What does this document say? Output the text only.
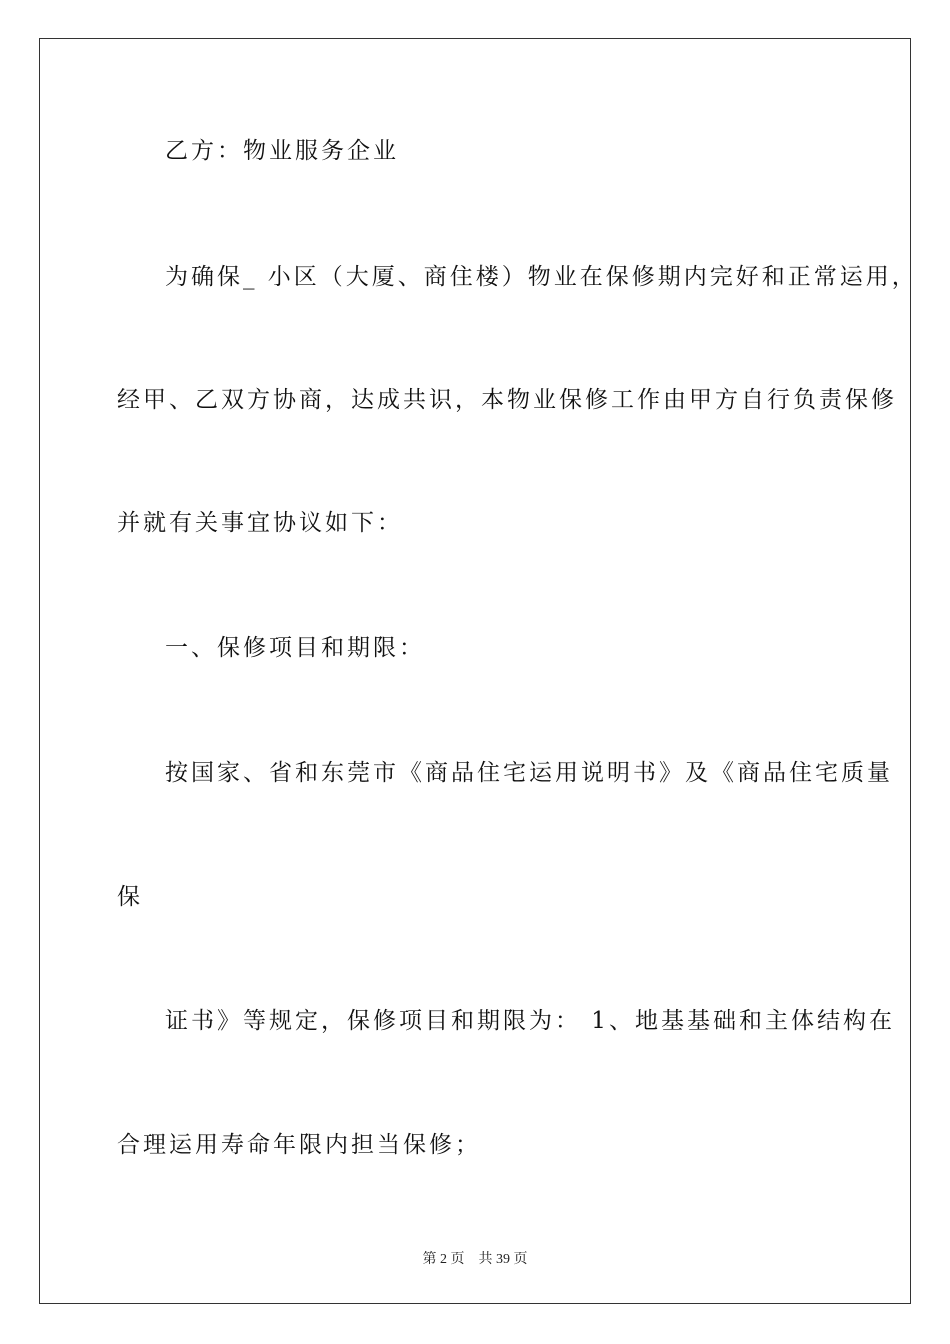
乙方：物业服务企业
为确保_ 小区（大厦、商住楼）物业在保修期内完好和正常运用，
经甲、乙双方协商，达成共识，本物业保修工作由甲方自行负责保修
并就有关事宜协议如下：
一、保修项目和期限：
按国家、省和东莞市《商品住宅运用说明书》及《商品住宅质量
保
证书》等规定，保修项目和期限为： 1、地基基础和主体结构在
合理运用寿命年限内担当保修；
第 2 页 共 39 页
